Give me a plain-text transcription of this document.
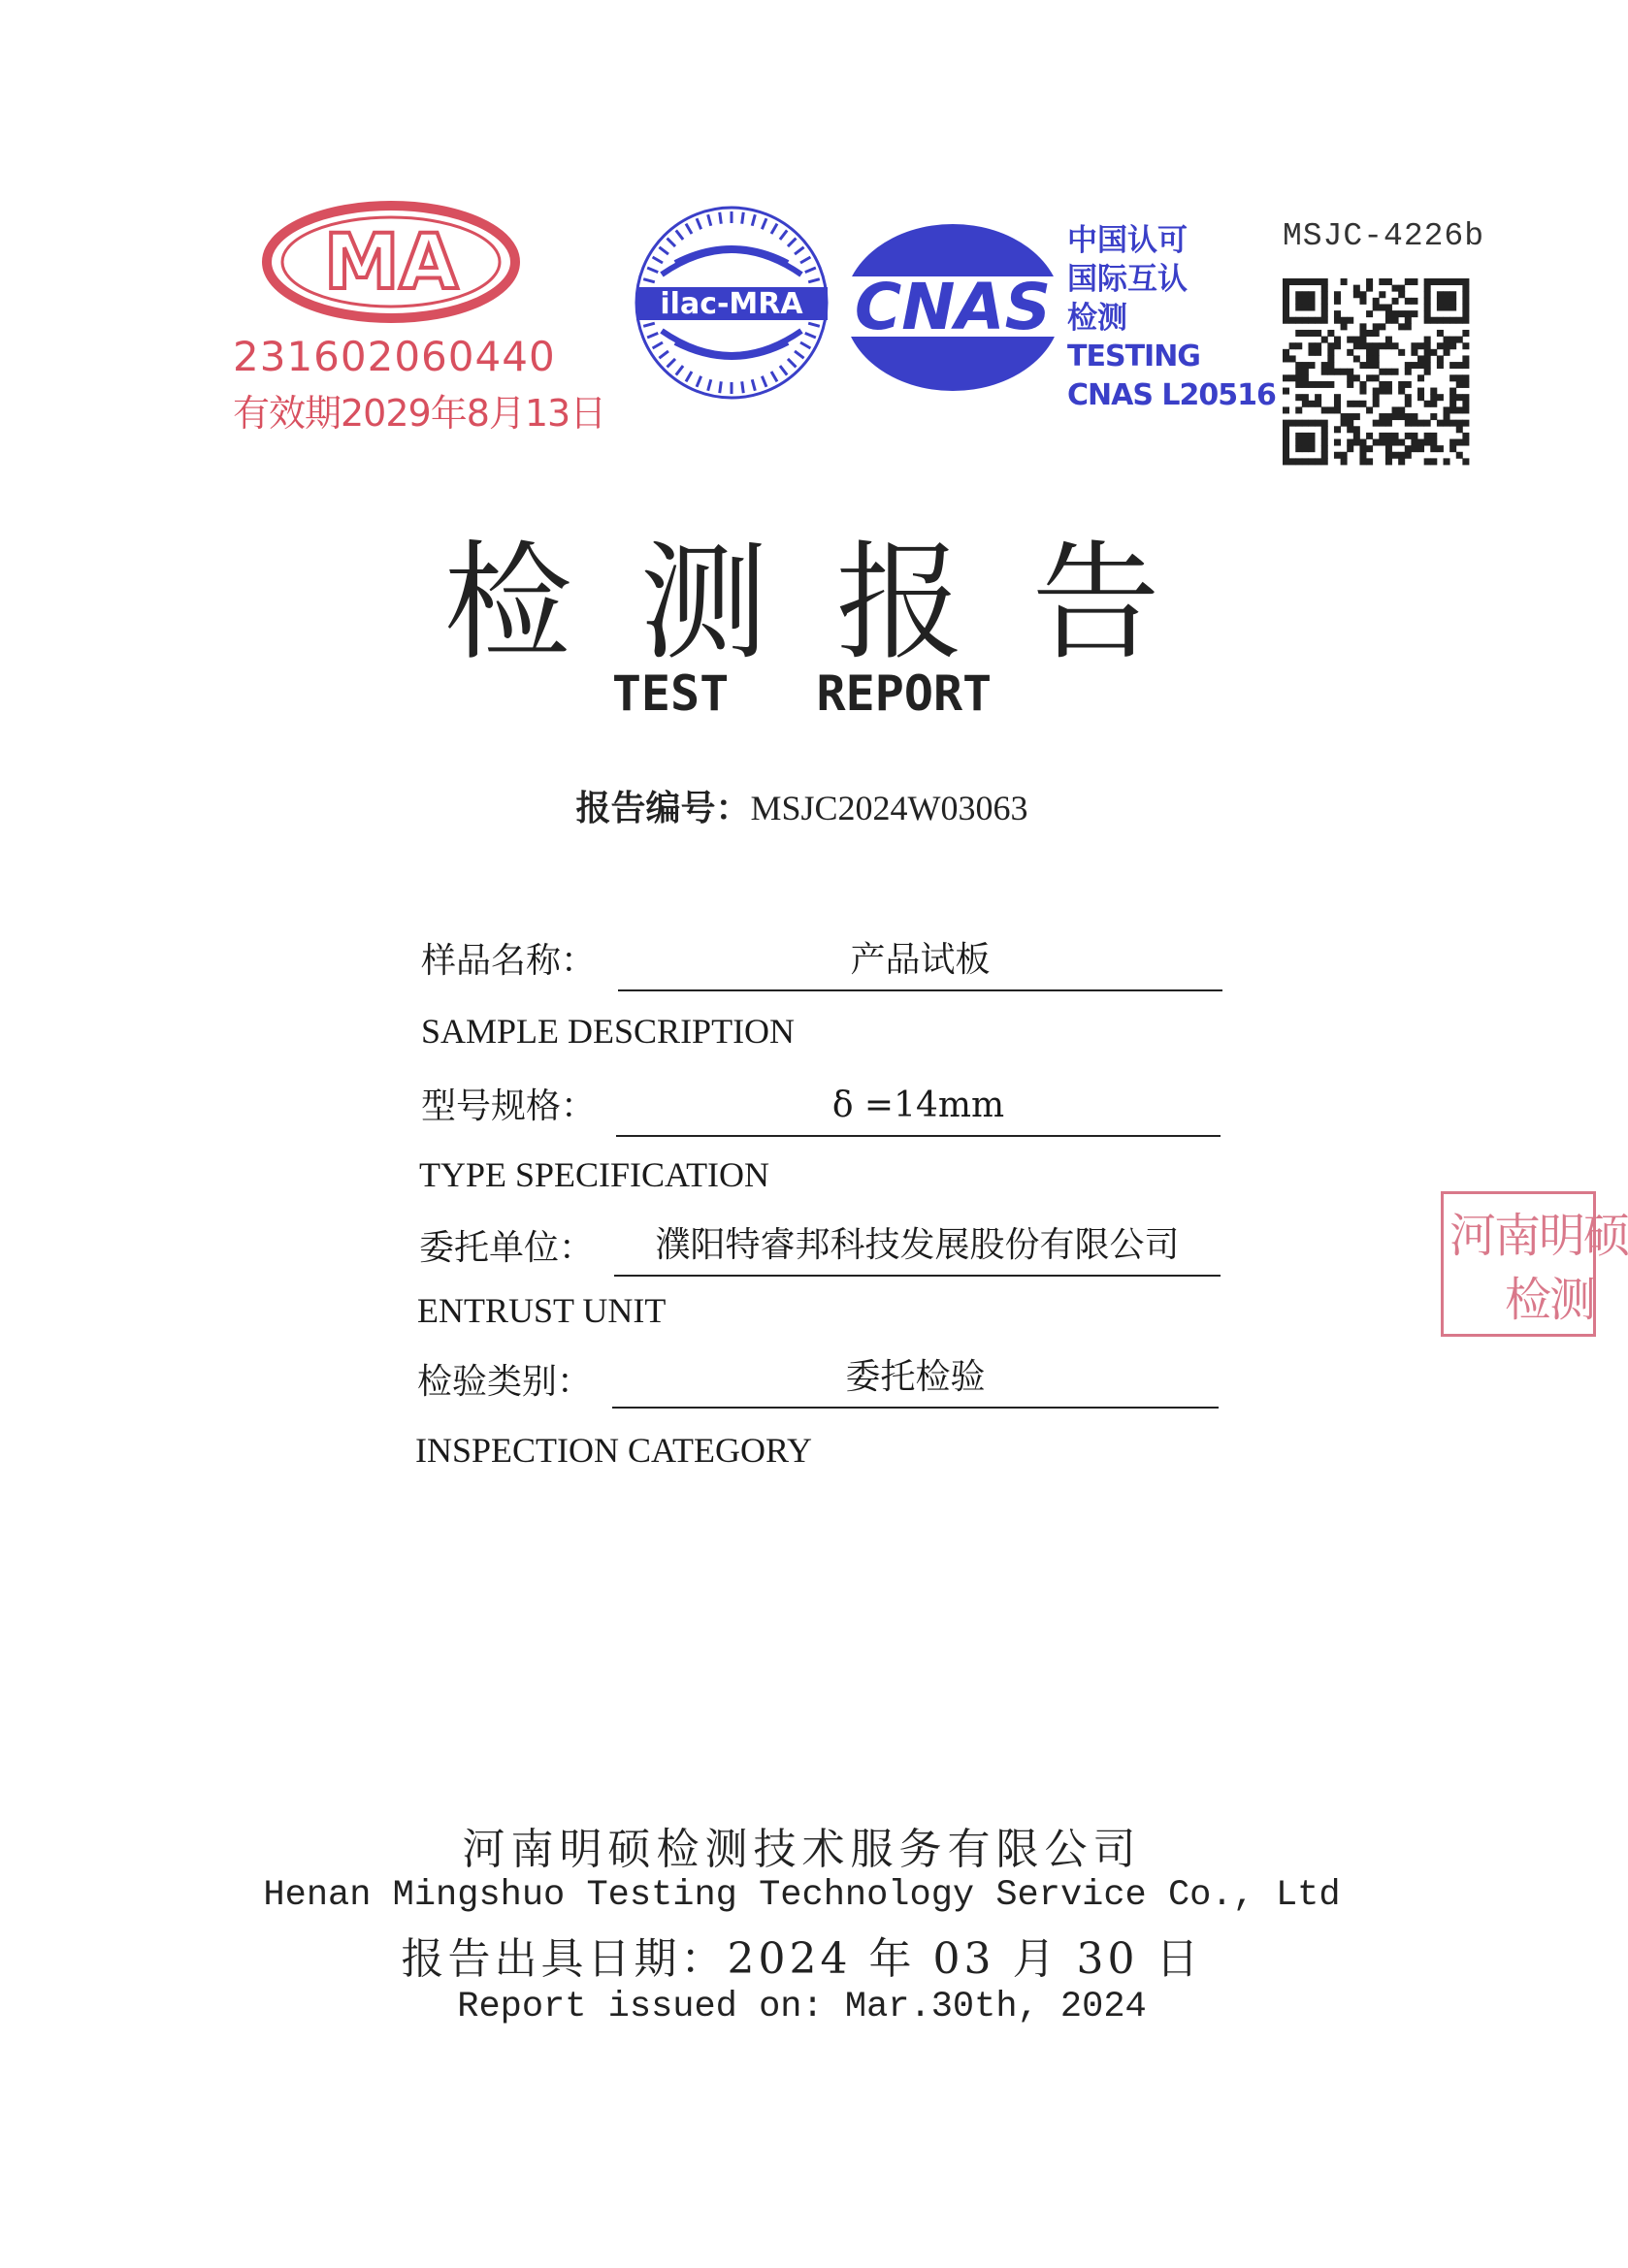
MA
231602060440
有效期2029年8月13日
ilac-MRA CNAS
中国认可
国际互认
检测
TESTING
CNAS L20516
MSJC-4226b
检测报告
TEST   REPORT
报告编号：MSJC2024W03063
样品名称：	产品试板
SAMPLE DESCRIPTION
型号规格：	δ =14mm
TYPE SPECIFICATION
委托单位：	濮阳特睿邦科技发展股份有限公司
ENTRUST UNIT
检验类别：	委托检验
INSPECTION CATEGORY
河南明硕
检测
河南明硕检测技术服务有限公司
Henan Mingshuo Testing Technology Service Co., Ltd
报告出具日期：2024 年 03 月 30 日
Report issued on: Mar.30th, 2024
